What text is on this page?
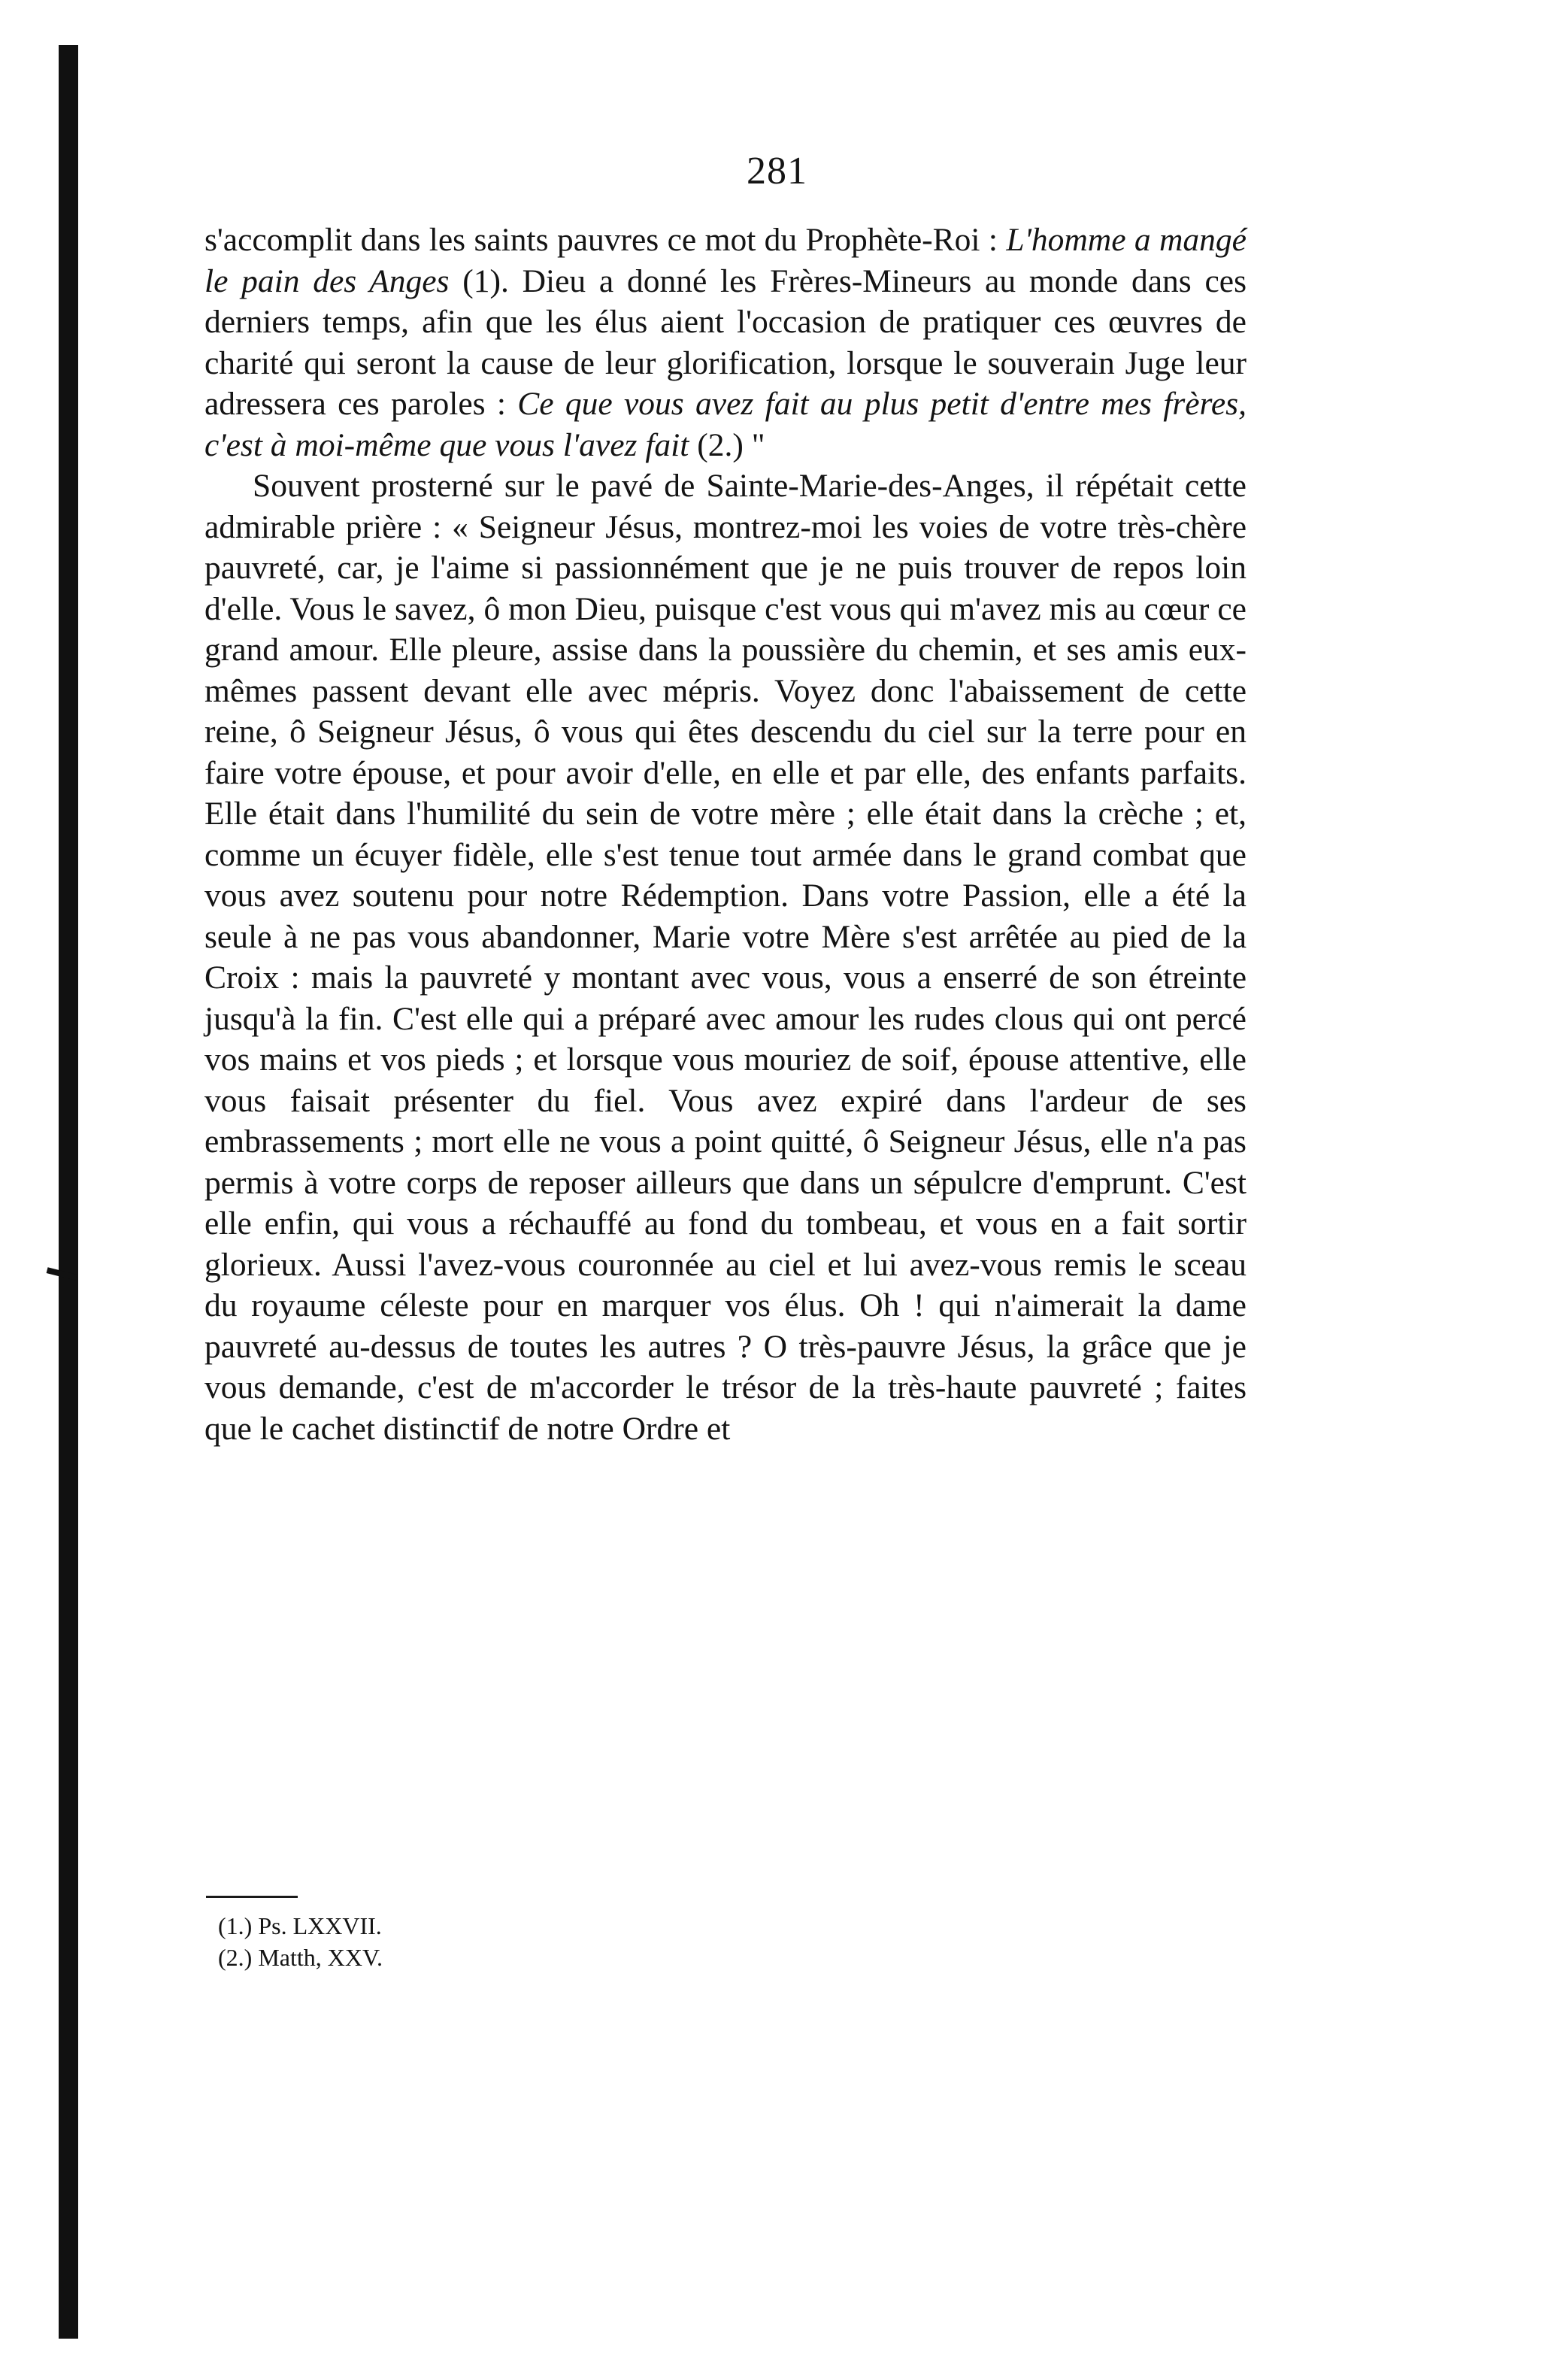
281

s'accomplit dans les saints pauvres ce mot du Prophète-Roi : L'homme a mangé le pain des Anges (1). Dieu a donné les Frères-Mineurs au monde dans ces derniers temps, afin que les élus aient l'occasion de pratiquer ces œuvres de charité qui seront la cause de leur glorification, lorsque le souverain Juge leur adressera ces paroles : Ce que vous avez fait au plus petit d'entre mes frères, c'est à moi-même que vous l'avez fait (2.) "

Souvent prosterné sur le pavé de Sainte-Marie-des-Anges, il répétait cette admirable prière : « Seigneur Jésus, montrez-moi les voies de votre très-chère pauvreté, car, je l'aime si passionnément que je ne puis trouver de repos loin d'elle. Vous le savez, ô mon Dieu, puisque c'est vous qui m'avez mis au cœur ce grand amour. Elle pleure, assise dans la poussière du chemin, et ses amis eux-mêmes passent devant elle avec mépris. Voyez donc l'abaissement de cette reine, ô Seigneur Jésus, ô vous qui êtes descendu du ciel sur la terre pour en faire votre épouse, et pour avoir d'elle, en elle et par elle, des enfants parfaits. Elle était dans l'humilité du sein de votre mère ; elle était dans la crèche ; et, comme un écuyer fidèle, elle s'est tenue tout armée dans le grand combat que vous avez soutenu pour notre Rédemption. Dans votre Passion, elle a été la seule à ne pas vous abandonner, Marie votre Mère s'est arrêtée au pied de la Croix : mais la pauvreté y montant avec vous, vous a enserré de son étreinte jusqu'à la fin. C'est elle qui a préparé avec amour les rudes clous qui ont percé vos mains et vos pieds ; et lorsque vous mouriez de soif, épouse attentive, elle vous faisait présenter du fiel. Vous avez expiré dans l'ardeur de ses embrassements ; mort elle ne vous a point quitté, ô Seigneur Jésus, elle n'a pas permis à votre corps de reposer ailleurs que dans un sépulcre d'emprunt. C'est elle enfin, qui vous a réchauffé au fond du tombeau, et vous en a fait sortir glorieux. Aussi l'avez-vous couronnée au ciel et lui avez-vous remis le sceau du royaume céleste pour en marquer vos élus. Oh ! qui n'aimerait la dame pauvreté au-dessus de toutes les autres ? O très-pauvre Jésus, la grâce que je vous demande, c'est de m'accorder le trésor de la très-haute pauvreté ; faites que le cachet distinctif de notre Ordre et

(1.) Ps. LXXVII.
(2.) Matth, XXV.
